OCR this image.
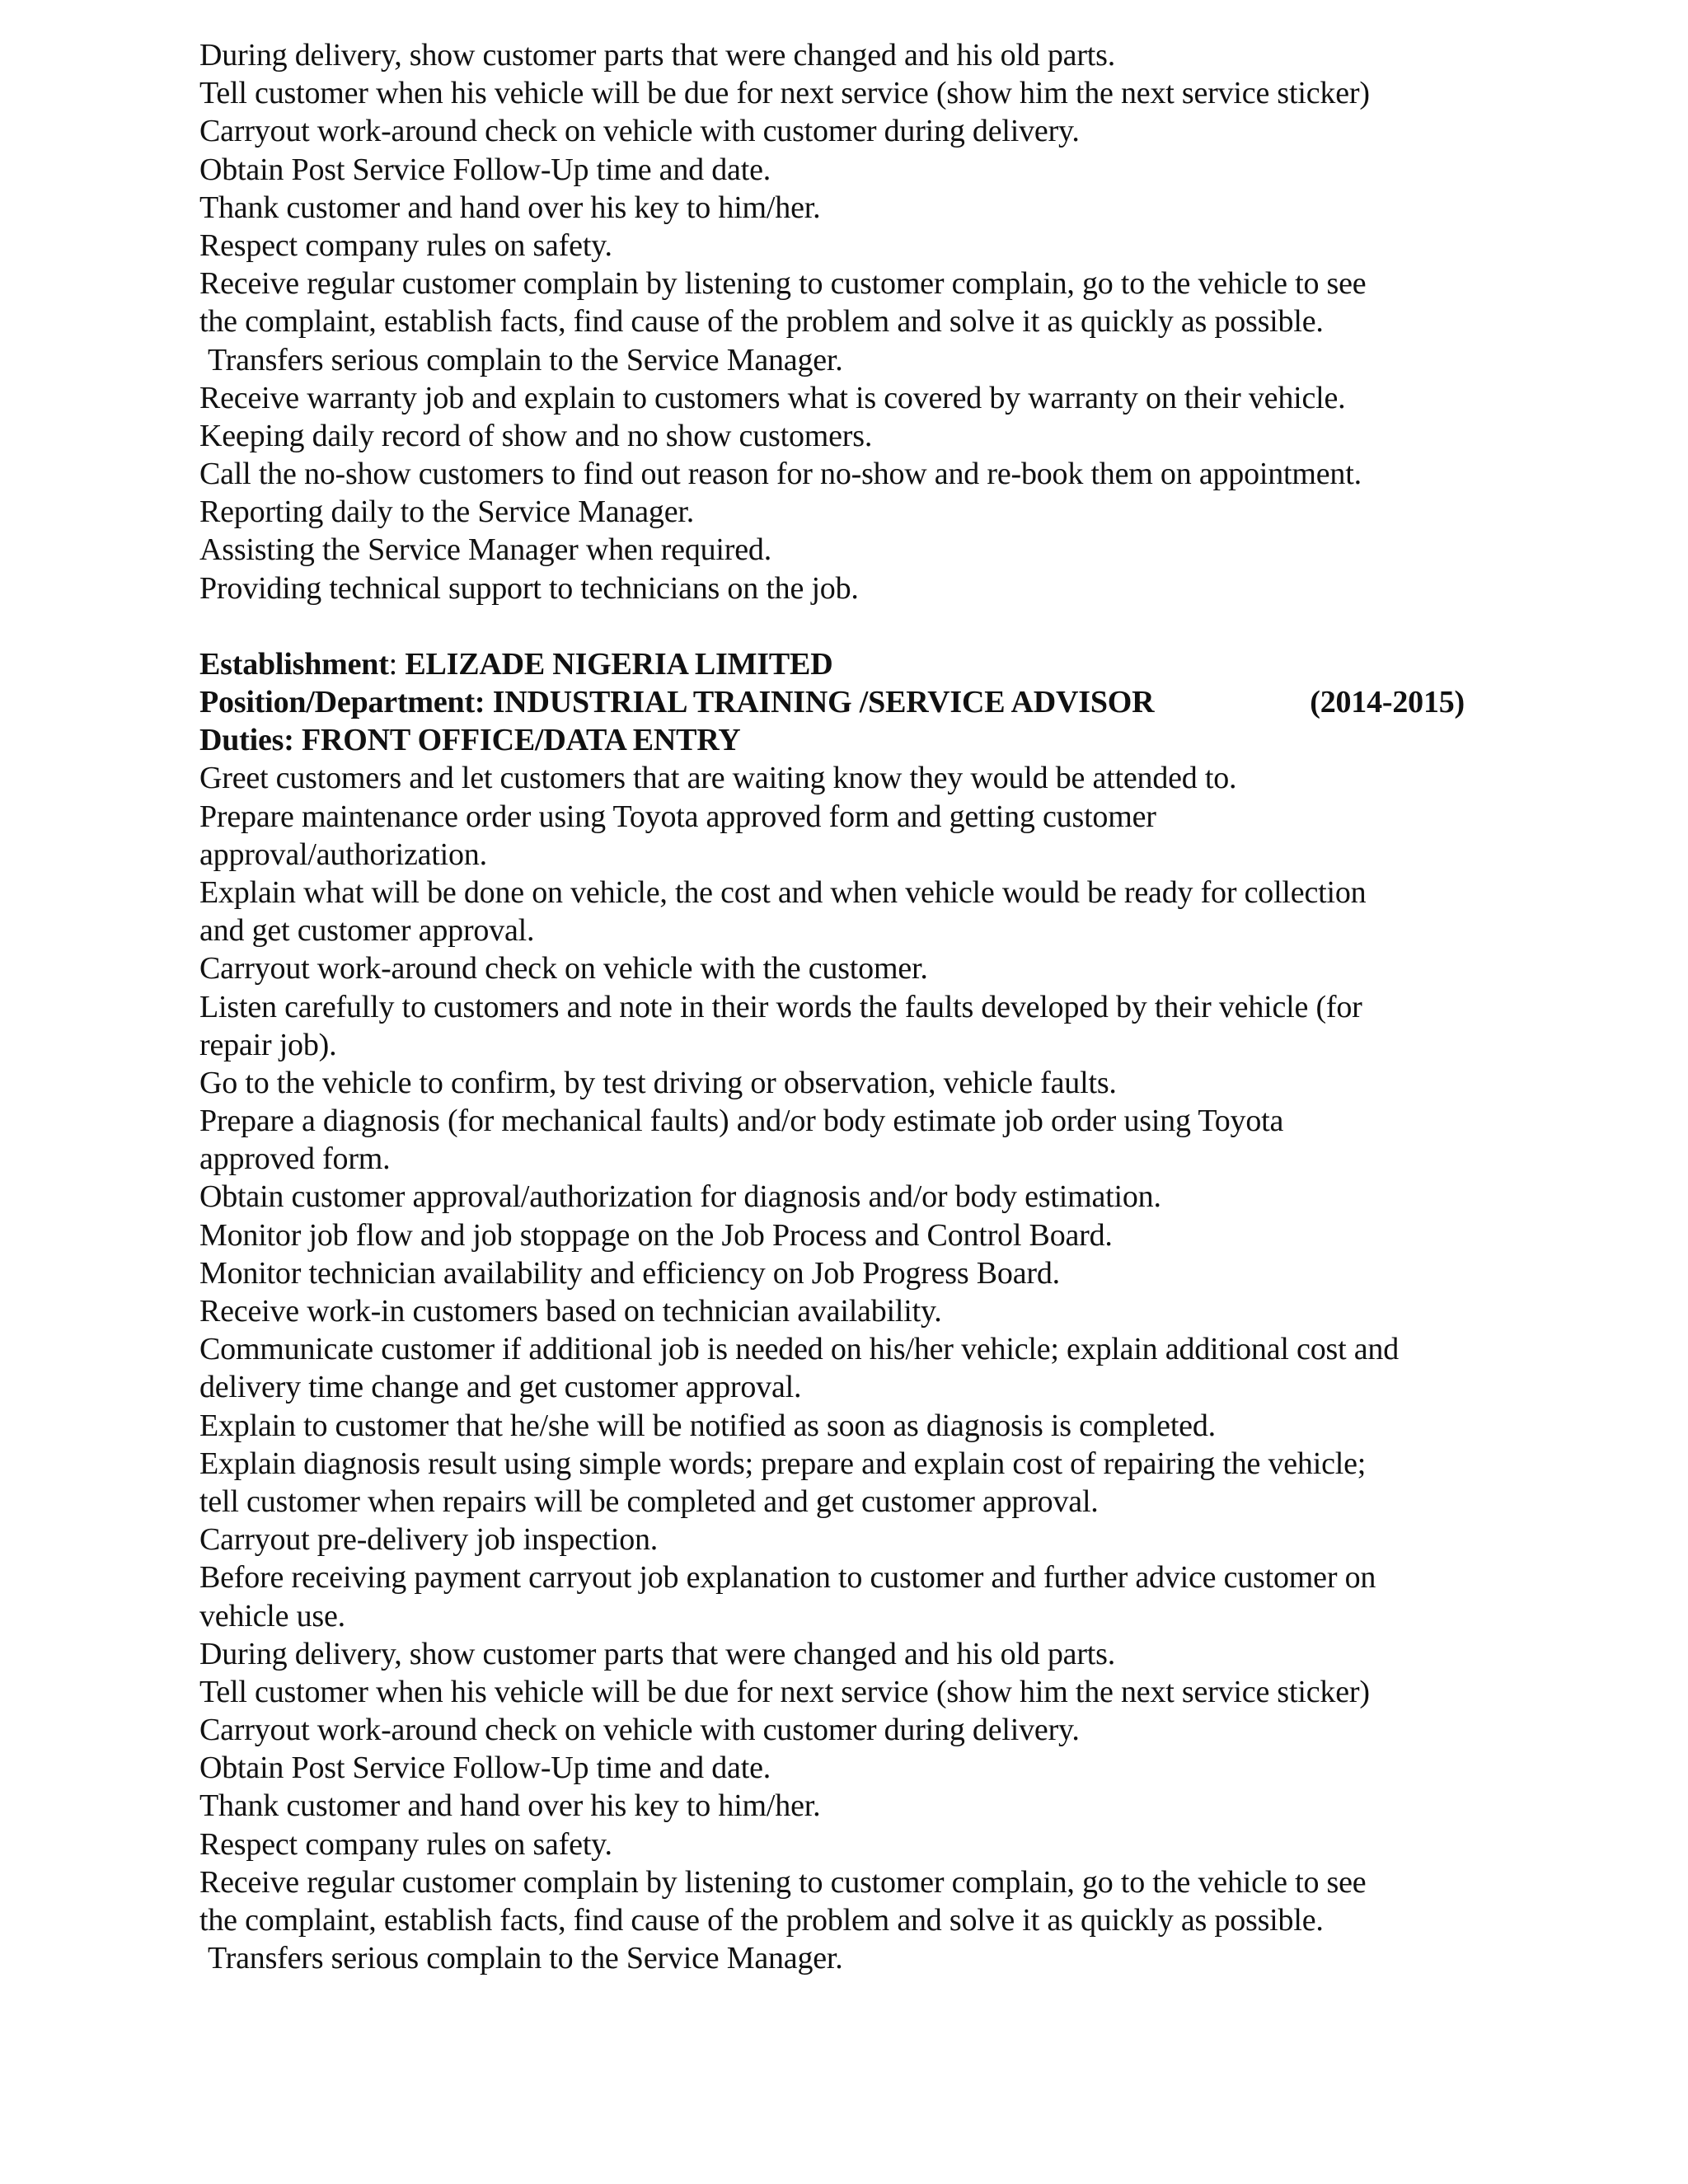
During delivery, show customer parts that were changed and his old parts.
Tell customer when his vehicle will be due for next service (show him the next service sticker)
Carryout work-around check on vehicle with customer during delivery.
Obtain Post Service Follow-Up time and date.
Thank customer and hand over his key to him/her.
Respect company rules on safety.
Receive regular customer complain by listening to customer complain, go to the vehicle to see
the complaint, establish facts, find cause of the problem and solve it as quickly as possible.
Transfers serious complain to the Service Manager.
Receive warranty job and explain to customers what is covered by warranty on their vehicle.
Keeping daily record of show and no show customers.
Call the no-show customers to find out reason for no-show and re-book them on appointment.
Reporting daily to the Service Manager.
Assisting the Service Manager when required.
Providing technical support to technicians on the job.
Establishment: ELIZADE NIGERIA LIMITED
Position/Department: INDUSTRIAL TRAINING /SERVICE ADVISOR	(2014-2015)
Duties: FRONT OFFICE/DATA ENTRY
Greet customers and let customers that are waiting know they would be attended to.
Prepare maintenance order using Toyota approved form and getting customer
approval/authorization.
Explain what will be done on vehicle, the cost and when vehicle would be ready for collection
and get customer approval.
Carryout work-around check on vehicle with the customer.
Listen carefully to customers and note in their words the faults developed by their vehicle (for
repair job).
Go to the vehicle to confirm, by test driving or observation, vehicle faults.
Prepare a diagnosis (for mechanical faults) and/or body estimate job order using Toyota
approved form.
Obtain customer approval/authorization for diagnosis and/or body estimation.
Monitor job flow and job stoppage on the Job Process and Control Board.
Monitor technician availability and efficiency on Job Progress Board.
Receive work-in customers based on technician availability.
Communicate customer if additional job is needed on his/her vehicle; explain additional cost and
delivery time change and get customer approval.
Explain to customer that he/she will be notified as soon as diagnosis is completed.
Explain diagnosis result using simple words; prepare and explain cost of repairing the vehicle;
tell customer when repairs will be completed and get customer approval.
Carryout pre-delivery job inspection.
Before receiving payment carryout job explanation to customer and further advice customer on
vehicle use.
During delivery, show customer parts that were changed and his old parts.
Tell customer when his vehicle will be due for next service (show him the next service sticker)
Carryout work-around check on vehicle with customer during delivery.
Obtain Post Service Follow-Up time and date.
Thank customer and hand over his key to him/her.
Respect company rules on safety.
Receive regular customer complain by listening to customer complain, go to the vehicle to see
the complaint, establish facts, find cause of the problem and solve it as quickly as possible.
Transfers serious complain to the Service Manager.
